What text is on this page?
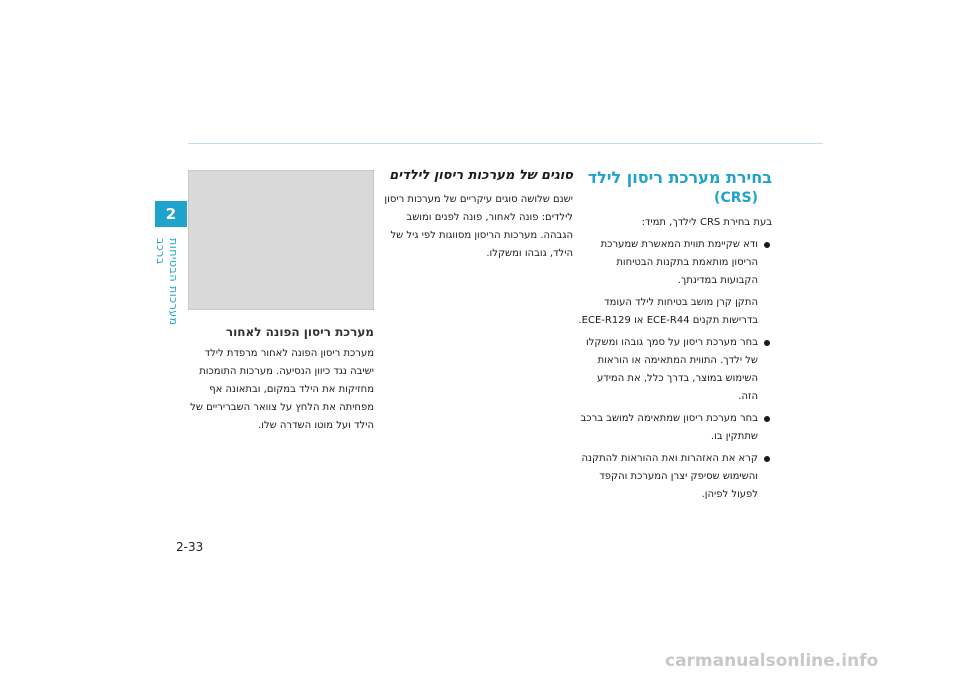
2
מערכות הבטיחות ברכב
בחירת מערכת ריסון לילד
(CRS)

בעת בחירת CRS לילדך, תמיד:

ודא שקיימת תווית המאשרת שמערכת הריסון מותאמת בתקנות הבטיחות הקבועות במדינתך.

התקן קרן מושב בטיחות לילד העומד בדרישות תקנים ECE-R44 או ECE-R129.

בחר מערכת ריסון על סמך גובהו ומשקלו של ילדך. התווית המתאימה או הוראות השימוש במוצר, בדרך כלל, את המידע הזה.
בחר מערכת ריסון שמתאימה למושב ברכב שתתקין בו.
קרא את האזהרות ואת ההוראות להתקנה והשימוש שסיפק יצרן המערכת והקפד לפעול לפיהן.
סוגים של מערכות ריסון לילדים

ישנם שלושה סוגים עיקריים של מערכות ריסון לילדים: פונה לאחור, פונה לפנים ומושב הגבהה. מערכות הריסון מסווגות לפי גיל של הילד, גובהו ומשקלו.

מערכת ריסון הפונה לאחור

מערכת ריסון הפונה לאחור מרפדת לילד ישיבה נגד כיוון הנסיעה. מערכות התומכות מחזיקות את הילד במקום, ובתאונה אף מפחיתה את הלחץ על צוואר השבריריים של הילד ועל מוטו השדרה שלו.

2-33
carmanualsonline.info
